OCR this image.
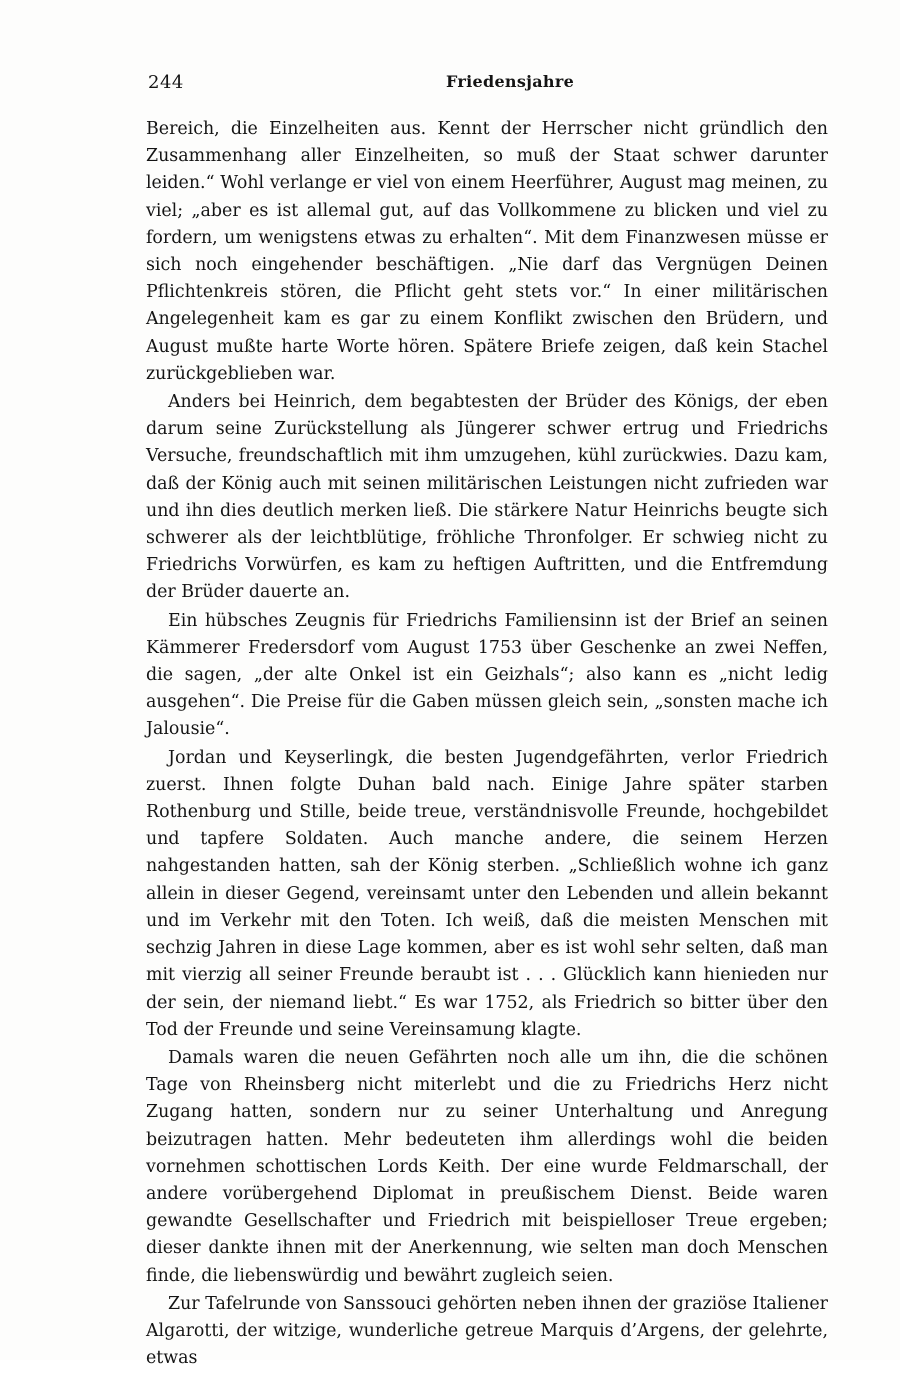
244	Friedensjahre

Bereich, die Einzelheiten aus. Kennt der Herrscher nicht gründlich den Zusammenhang aller Einzelheiten, so muß der Staat schwer darunter leiden.“ Wohl verlange er viel von einem Heerführer, August mag meinen, zu viel; „aber es ist allemal gut, auf das Vollkommene zu blicken und viel zu fordern, um wenigstens etwas zu erhalten“. Mit dem Finanzwesen müsse er sich noch eingehender beschäftigen. „Nie darf das Vergnügen Deinen Pflichtenkreis stören, die Pflicht geht stets vor.“ In einer militärischen Angelegenheit kam es gar zu einem Konflikt zwischen den Brüdern, und August mußte harte Worte hören. Spätere Briefe zeigen, daß kein Stachel zurückgeblieben war.

Anders bei Heinrich, dem begabtesten der Brüder des Königs, der eben darum seine Zurückstellung als Jüngerer schwer ertrug und Friedrichs Versuche, freundschaftlich mit ihm umzugehen, kühl zurückwies. Dazu kam, daß der König auch mit seinen militärischen Leistungen nicht zufrieden war und ihn dies deutlich merken ließ. Die stärkere Natur Heinrichs beugte sich schwerer als der leichtblütige, fröhliche Thronfolger. Er schwieg nicht zu Friedrichs Vorwürfen, es kam zu heftigen Auftritten, und die Entfremdung der Brüder dauerte an.

Ein hübsches Zeugnis für Friedrichs Familiensinn ist der Brief an seinen Kämmerer Fredersdorf vom August 1753 über Geschenke an zwei Neffen, die sagen, „der alte Onkel ist ein Geizhals“; also kann es „nicht ledig ausgehen“. Die Preise für die Gaben müssen gleich sein, „sonsten mache ich Jalousie“.

Jordan und Keyserlingk, die besten Jugendgefährten, verlor Friedrich zuerst. Ihnen folgte Duhan bald nach. Einige Jahre später starben Rothenburg und Stille, beide treue, verständnisvolle Freunde, hochgebildet und tapfere Soldaten. Auch manche andere, die seinem Herzen nahgestanden hatten, sah der König sterben. „Schließlich wohne ich ganz allein in dieser Gegend, vereinsamt unter den Lebenden und allein bekannt und im Verkehr mit den Toten. Ich weiß, daß die meisten Menschen mit sechzig Jahren in diese Lage kommen, aber es ist wohl sehr selten, daß man mit vierzig all seiner Freunde beraubt ist . . . Glücklich kann hienieden nur der sein, der niemand liebt.“ Es war 1752, als Friedrich so bitter über den Tod der Freunde und seine Vereinsamung klagte.

Damals waren die neuen Gefährten noch alle um ihn, die die schönen Tage von Rheinsberg nicht miterlebt und die zu Friedrichs Herz nicht Zugang hatten, sondern nur zu seiner Unterhaltung und Anregung beizutragen hatten. Mehr bedeuteten ihm allerdings wohl die beiden vornehmen schottischen Lords Keith. Der eine wurde Feldmarschall, der andere vorübergehend Diplomat in preußischem Dienst. Beide waren gewandte Gesellschafter und Friedrich mit beispielloser Treue ergeben; dieser dankte ihnen mit der Anerkennung, wie selten man doch Menschen finde, die liebenswürdig und bewährt zugleich seien.

Zur Tafelrunde von Sanssouci gehörten neben ihnen der graziöse Italiener Algarotti, der witzige, wunderliche getreue Marquis d’Argens, der gelehrte, etwas
